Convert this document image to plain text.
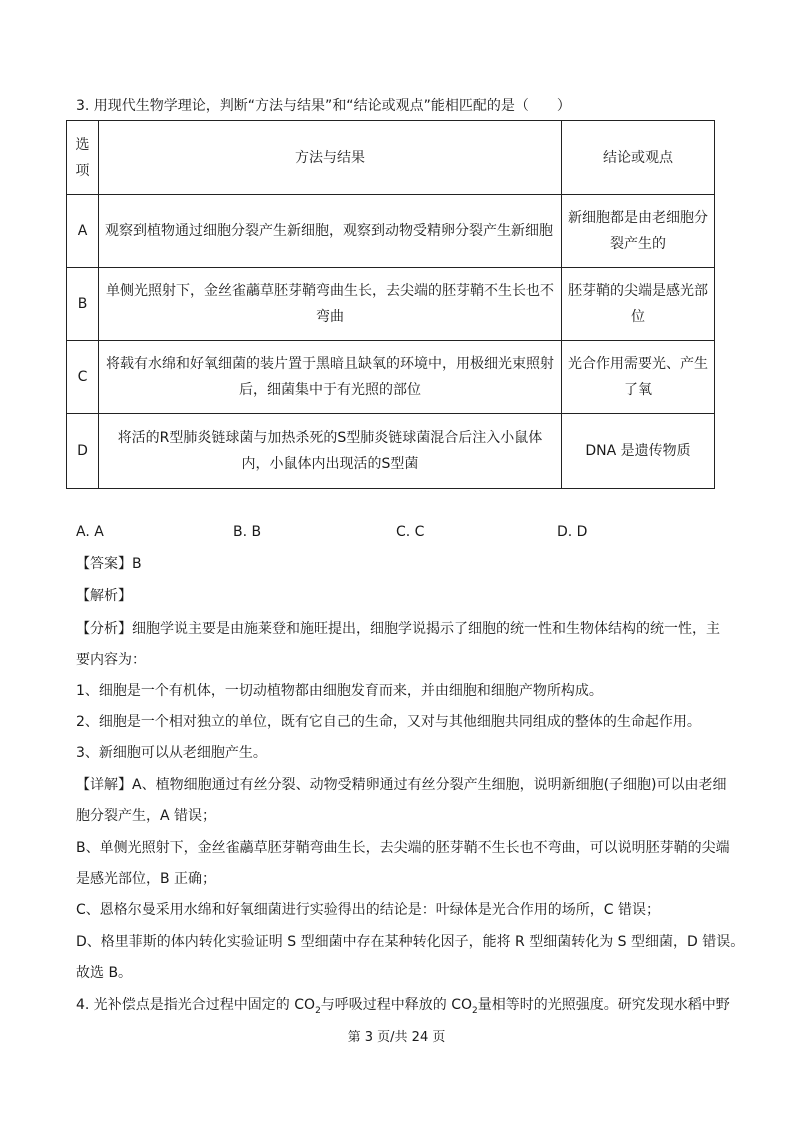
3. 用现代生物学理论，判断“方法与结果”和“结论或观点”能相匹配的是（　　）
选
项	方法与结果	结论或观点
A	观察到植物通过细胞分裂产生新细胞，观察到动物受精卵分裂产生新细胞	新细胞都是由老细胞分裂产生的
B	单侧光照射下，金丝雀虉草胚芽鞘弯曲生长，去尖端的胚芽鞘不生长也不弯曲	胚芽鞘的尖端是感光部位
C	将载有水绵和好氧细菌的装片置于黑暗且缺氧的环境中，用极细光束照射后，细菌集中于有光照的部位	光合作用需要光、产生了氧
D	将活的R型肺炎链球菌与加热杀死的S型肺炎链球菌混合后注入小鼠体内，小鼠体内出现活的S型菌	DNA 是遗传物质
A. A	B. B	C. C	D. D
【答案】B
【解析】
【分析】细胞学说主要是由施莱登和施旺提出，细胞学说揭示了细胞的统一性和生物体结构的统一性，主
要内容为：
1、细胞是一个有机体，一切动植物都由细胞发育而来，并由细胞和细胞产物所构成。
2、细胞是一个相对独立的单位，既有它自己的生命，又对与其他细胞共同组成的整体的生命起作用。
3、新细胞可以从老细胞产生。
【详解】A、植物细胞通过有丝分裂、动物受精卵通过有丝分裂产生细胞，说明新细胞(子细胞)可以由老细
胞分裂产生，A 错误；
B、单侧光照射下，金丝雀虉草胚芽鞘弯曲生长，去尖端的胚芽鞘不生长也不弯曲，可以说明胚芽鞘的尖端
是感光部位，B 正确；
C、恩格尔曼采用水绵和好氧细菌进行实验得出的结论是：叶绿体是光合作用的场所，C 错误；
D、格里菲斯的体内转化实验证明 S 型细菌中存在某种转化因子，能将 R 型细菌转化为 S 型细菌，D 错误。
故选 B。
4. 光补偿点是指光合过程中固定的 $CO_2$与呼吸过程中释放的 $CO_2$量相等时的光照强度。研究发现水稻中野
第 3 页/共 24 页
